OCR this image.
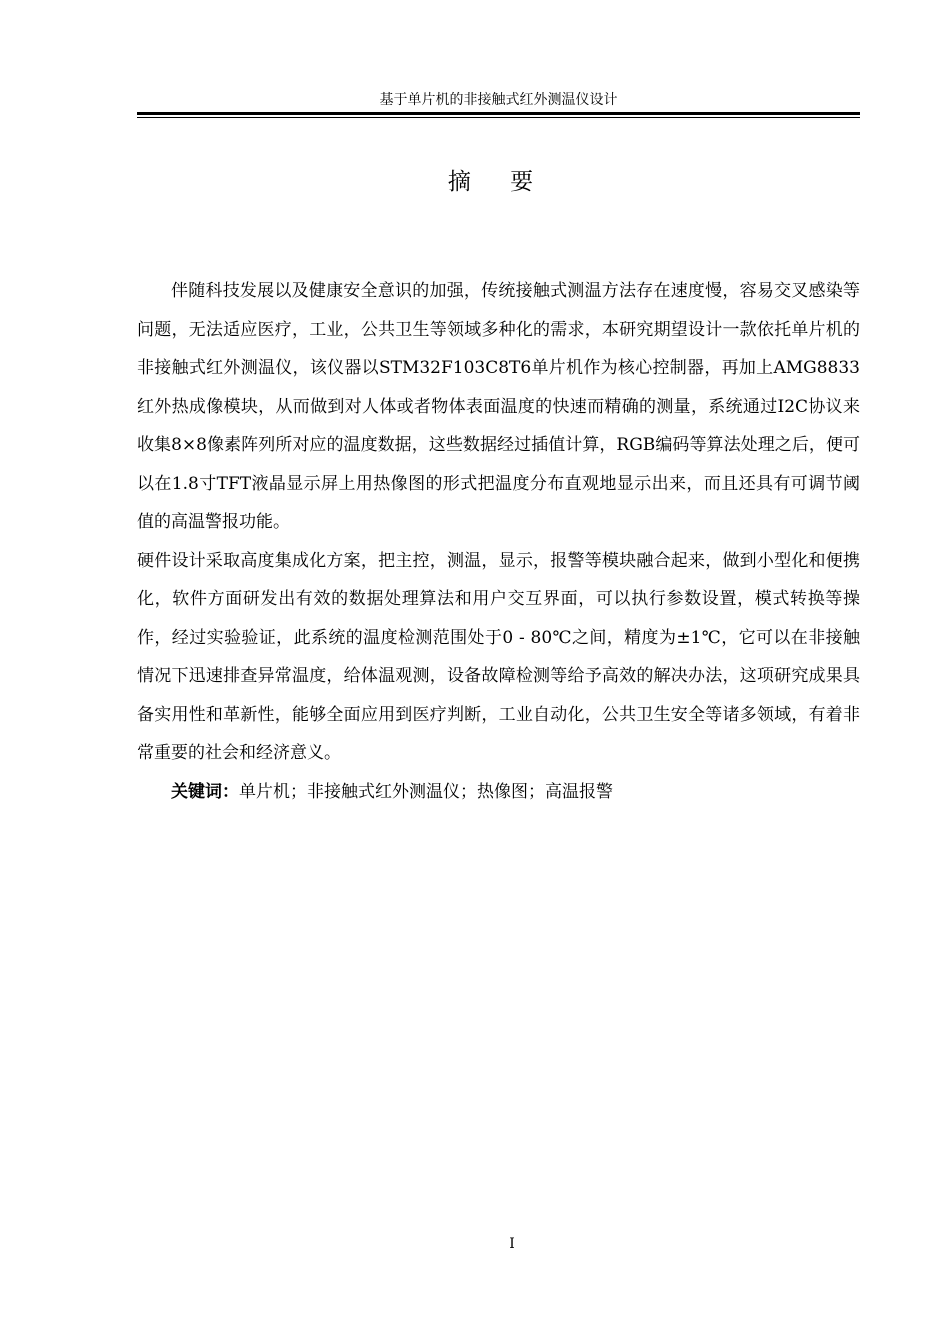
基于单片机的非接触式红外测温仪设计
摘 要

伴随科技发展以及健康安全意识的加强，传统接触式测温方法存在速度慢，容易交叉感染等问题，无法适应医疗，工业，公共卫生等领域多种化的需求，本研究期望设计一款依托单片机的非接触式红外测温仪，该仪器以STM32F103C8T6单片机作为核心控制器，再加上AMG8833红外热成像模块，从而做到对人体或者物体表面温度的快速而精确的测量，系统通过I2C协议来收集8×8像素阵列所对应的温度数据，这些数据经过插值计算，RGB编码等算法处理之后，便可以在1.8寸TFT液晶显示屏上用热像图的形式把温度分布直观地显示出来，而且还具有可调节阈值的高温警报功能。

硬件设计采取高度集成化方案，把主控，测温，显示，报警等模块融合起来，做到小型化和便携化，软件方面研发出有效的数据处理算法和用户交互界面，可以执行参数设置，模式转换等操作，经过实验验证，此系统的温度检测范围处于0 - 80℃之间，精度为±1℃，它可以在非接触情况下迅速排查异常温度，给体温观测，设备故障检测等给予高效的解决办法，这项研究成果具备实用性和革新性，能够全面应用到医疗判断，工业自动化，公共卫生安全等诸多领域，有着非常重要的社会和经济意义。

关键词：单片机；非接触式红外测温仪；热像图；高温报警

I
